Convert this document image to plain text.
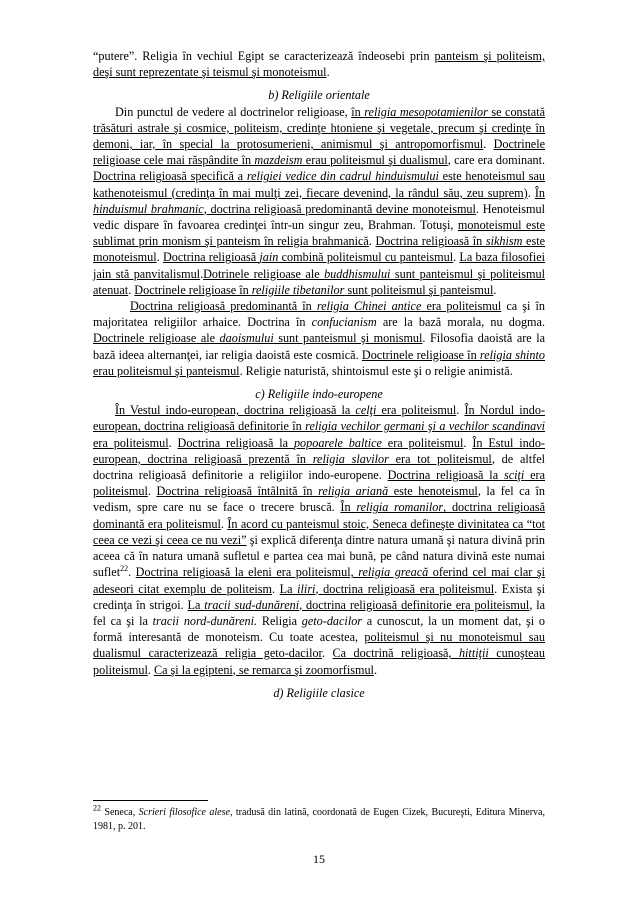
“putere”. Religia în vechiul Egipt se caracterizează îndeosebi prin panteism şi politeism, deşi sunt reprezentate şi teismul şi monoteismul.

b) Religiile orientale

Din punctul de vedere al doctrinelor religioase, în religia mesopotamienilor se constată trăsături astrale şi cosmice, politeism, credinţe htoniene şi vegetale, precum şi credinţe în demoni, iar, în special la protosumerieni, animismul şi antropomorfismul. Doctrinele religioase cele mai răspândite în mazdeism erau politeismul şi dualismul, care era dominant. Doctrina religioasă specifică a religiei vedice din cadrul hinduismului este henoteismul sau kathenoteismul (credinţa în mai mulţi zei, fiecare devenind, la rândul său, zeu suprem). În hinduismul brahmanic, doctrina religioasă predominantă devine monoteismul. Henoteismul vedic dispare în favoarea credinţei într-un singur zeu, Brahman. Totuşi, monoteismul este sublimat prin monism şi panteism în religia brahmanică. Doctrina religioasă în sikhism este monoteismul. Doctrina religioasă jain combină politeismul cu panteismul. La baza filosofiei jain stă panvitalismul.Dotrinele religioase ale buddhismului sunt panteismul şi politeismul atenuat. Doctrinele religioase în religiile tibetanilor sunt politeismul şi panteismul.

Doctrina religioasă predominantă în religia Chinei antice era politeismul ca şi în majoritatea religiilor arhaice. Doctrina în confucianism are la bază morala, nu dogma. Doctrinele religioase ale daoismului sunt panteismul şi monismul. Filosofia daoistă are la bază ideea alternanţei, iar religia daoistă este cosmică. Doctrinele religioase în religia shinto erau politeismul şi panteismul. Religie naturistă, shintoismul este şi o religie animistă.

c) Religiile indo-europene

În Vestul indo-european, doctrina religioasă la celţi era politeismul. În Nordul indo-european, doctrina religioasă definitorie în religia vechilor germani şi a vechilor scandinavi era politeismul. Doctrina religioasă la popoarele baltice era politeismul. În Estul indo-european, doctrina religioasă prezentă în religia slavilor era tot politeismul, de altfel doctrina religioasă definitorie a religiilor indo-europene. Doctrina religioasă la sciţi era politeismul. Doctrina religioasă întâlnită în religia ariană este henoteismul, la fel ca în vedism, spre care nu se face o trecere bruscă. În religia romanilor, doctrina religioasă dominantă era politeismul. În acord cu panteismul stoic, Seneca defineşte divinitatea ca “tot ceea ce vezi şi ceea ce nu vezi” şi explică diferenţa dintre natura umană şi natura divină prin aceea că în natura umană sufletul e partea cea mai bună, pe când natura divină este numai suflet$^{22}$. Doctrina religioasă la eleni era politeismul, religia greacă oferind cel mai clar şi adeseori citat exemplu de politeism. La iliri, doctrina religioasă era politeismul. Exista şi credinţa în strigoi. La tracii sud-dunăreni, doctrina religioasă definitorie era politeismul, la fel ca şi la tracii nord-dunăreni. Religia geto-dacilor a cunoscut, la un moment dat, şi o formă interesantă de monoteism. Cu toate acestea, politeismul şi nu monoteismul sau dualismul caracterizează religia geto-dacilor. Ca doctrină religioasă, hittiţii cunoşteau politeismul. Ca şi la egipteni, se remarca şi zoomorfismul.

d) Religiile clasice

$^{22}$ Seneca, Scrieri filosofice alese, tradusă din latină, coordonată de Eugen Cizek, Bucureşti, Editura Minerva, 1981, p. 201.

15
